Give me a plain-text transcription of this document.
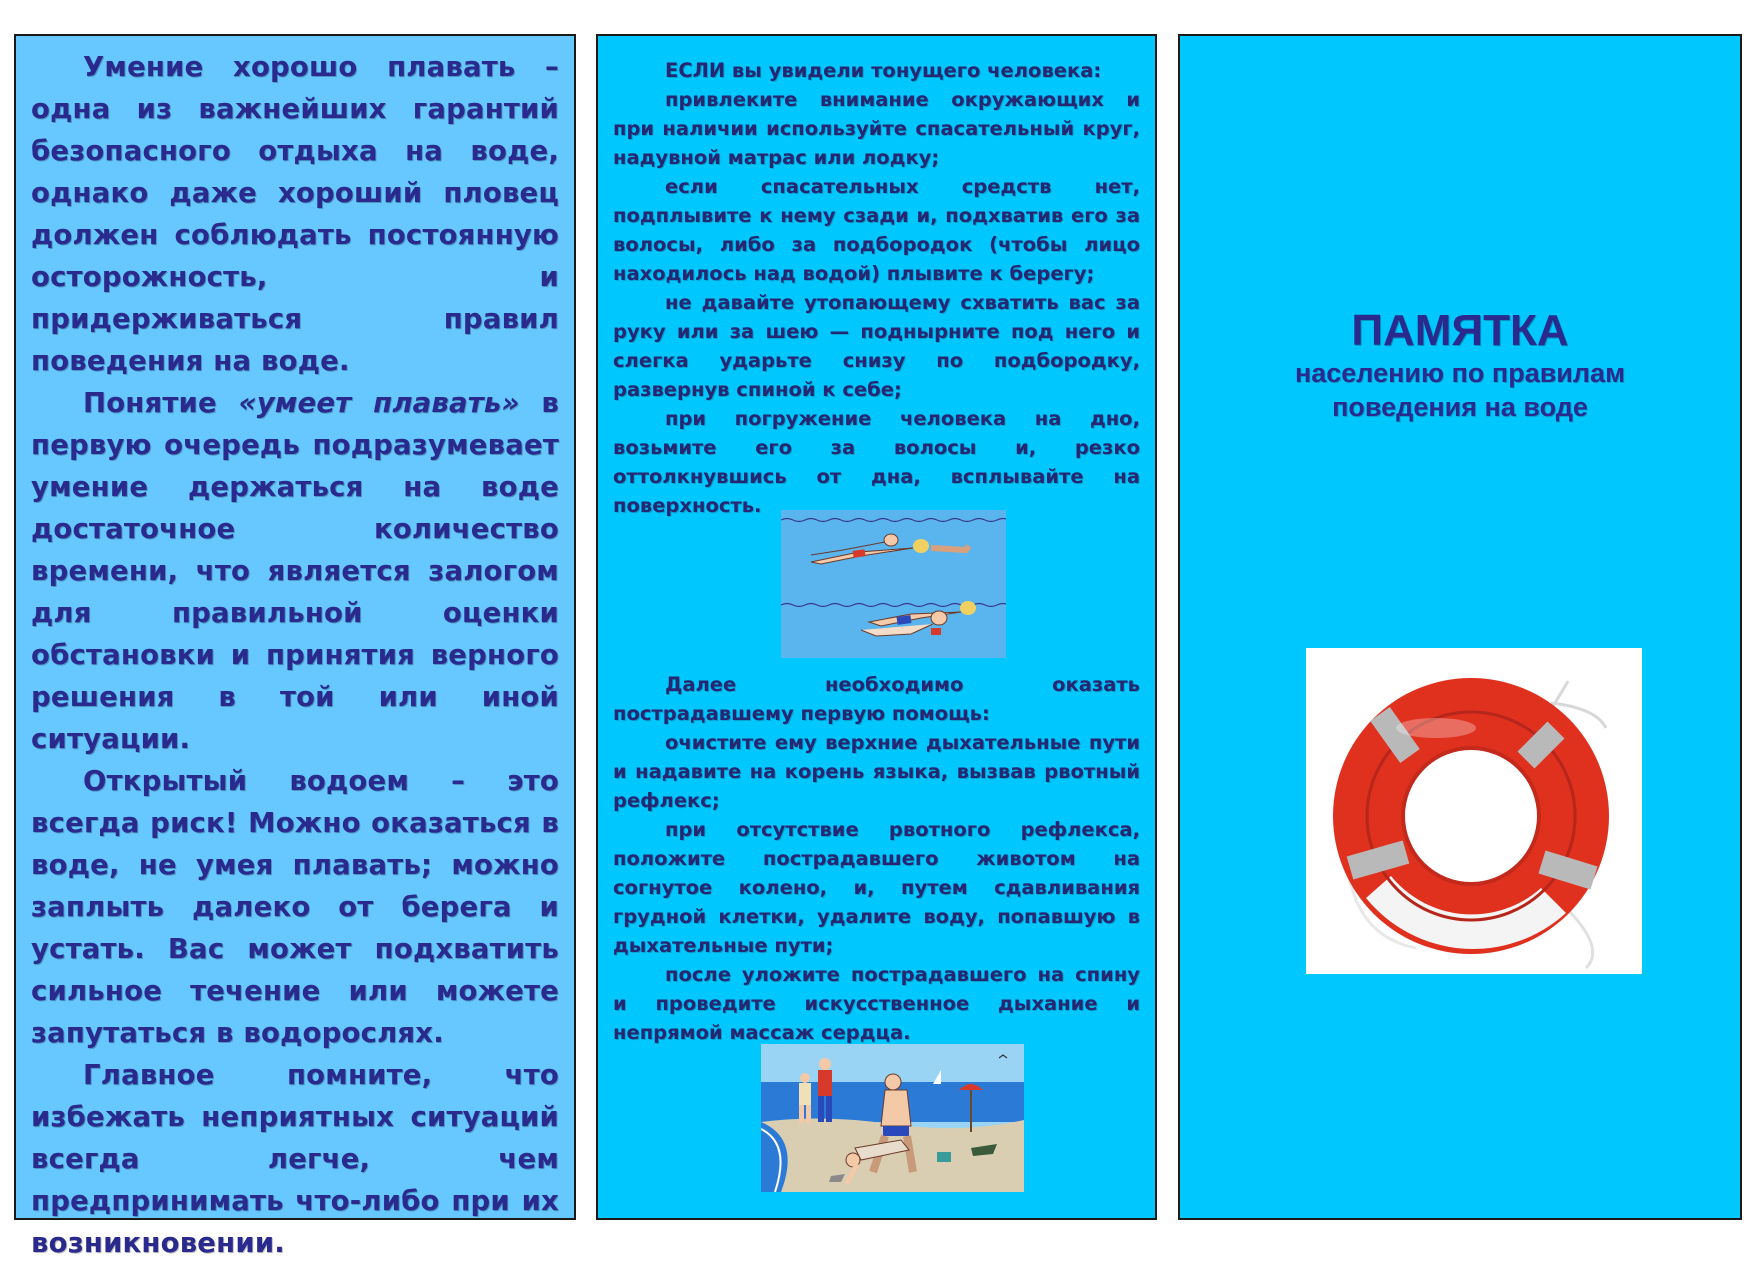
Умение хорошо плавать – одна из важнейших гарантий безопасного отдыха на воде, однако даже хороший пловец должен соблюдать постоянную осторожность, и придерживаться правил поведения на воде.

Понятие «умеет плавать» в первую очередь подразумевает умение держаться на воде достаточное количество времени, что является залогом для правильной оценки обстановки и принятия верного решения в той или иной ситуации.

Открытый водоем – это всегда риск! Можно оказаться в воде, не умея плавать; можно заплыть далеко от берега и устать. Вас может подхватить сильное течение или можете запутаться в водорослях.

Главное помните, что избежать неприятных ситуаций всегда легче, чем предпринимать что-либо при их возникновении.

ЕСЛИ вы увидели тонущего человека:

привлеките внимание окружающих и при наличии используйте спасательный круг, надувной матрас или лодку;

если спасательных средств нет, подплывите к нему сзади и, подхватив его за волосы, либо за подбородок (чтобы лицо находилось над водой) плывите к берегу;

не давайте утопающему схватить вас за руку или за шею — поднырните под него и слегка ударьте снизу по подбородку, развернув спиной к себе;

при погружение человека на дно, возьмите его за волосы и, резко оттолкнувшись от дна, всплывайте на поверхность.

Далее необходимо оказать пострадавшему первую помощь:

очистите ему верхние дыхательные пути и надавите на корень языка, вызвав рвотный рефлекс;

при отсутствие рвотного рефлекса, положите пострадавшего животом на согнутое колено, и, путем сдавливания грудной клетки, удалите воду, попавшую в дыхательные пути;

после уложите пострадавшего на спину и проведите искусственное дыхание и непрямой массаж сердца.

ПАМЯТКА

населению по правилам
поведения на воде
